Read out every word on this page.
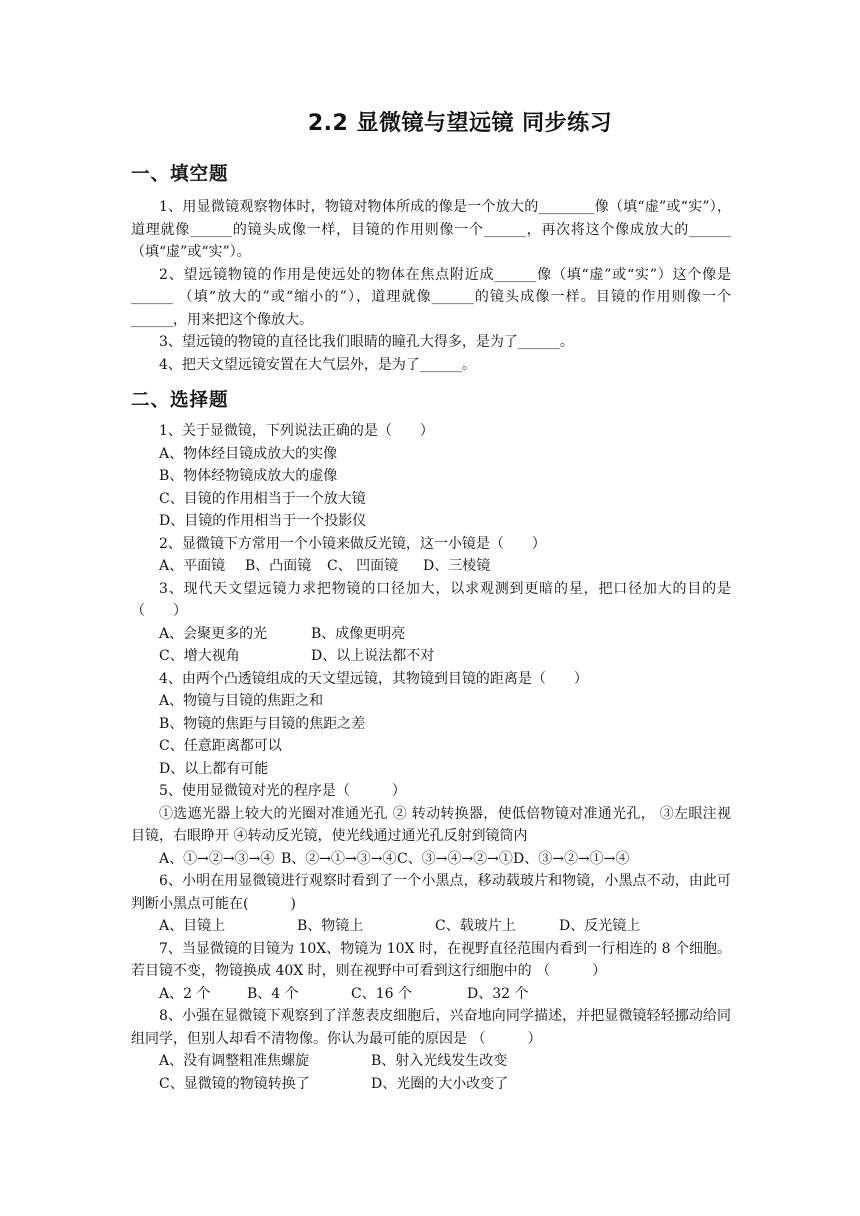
2.2 显微镜与望远镜 同步练习
一、填空题

1、用显微镜观察物体时，物镜对物体所成的像是一个放大的________像（填“虚”或“实”），道理就像______的镜头成像一样，目镜的作用则像一个______，再次将这个像成放大的______（填“虚”或“实”）。

2、望远镜物镜的作用是使远处的物体在焦点附近成______像（填“虚”或“实”）这个像是______ （填“放大的”或“缩小的”），道理就像______的镜头成像一样。目镜的作用则像一个______，用来把这个像放大。

3、望远镜的物镜的直径比我们眼睛的瞳孔大得多，是为了______。

4、把天文望远镜安置在大气层外，是为了______。

二、选择题

1、关于显微镜，下列说法正确的是（　　）

A、物体经目镜成放大的实像

B、物体经物镜成放大的虚像

C、目镜的作用相当于一个放大镜

D、目镜的作用相当于一个投影仪

2、显微镜下方常用一个小镜来做反光镜，这一小镜是（　　）

A、平面镜 B、凸面镜 C、 凹面镜 D、三棱镜

3、现代天文望远镜力求把物镜的口径加大，以求观测到更暗的星，把口径加大的目的是（　　）

A、会聚更多的光	B、成像更明亮

C、增大视角	D、以上说法都不对

4、由两个凸透镜组成的天文望远镜，其物镜到目镜的距离是（　　）

A、物镜与目镜的焦距之和

B、物镜的焦距与目镜的焦距之差

C、任意距离都可以

D、以上都有可能

5、使用显微镜对光的程序是（　　　）

①选遮光器上较大的光圈对准通光孔 ② 转动转换器，使低倍物镜对准通光孔， ③左眼注视目镜，右眼睁开 ④转动反光镜，使光线通过通光孔反射到镜筒内

A、①→②→③→④ B、②→①→③→④C、③→④→②→①D、③→②→①→④

6、小明在用显微镜进行观察时看到了一个小黑点，移动载玻片和物镜，小黑点不动，由此可判断小黑点可能在(　　　)

A、目镜上	B、物镜上	C、载玻片上	D、反光镜上

7、当显微镜的目镜为 10X、物镜为 10X 时，在视野直径范围内看到一行相连的 8 个细胞。若目镜不变，物镜换成 40X 时，则在视野中可看到这行细胞中的 （　　　）

A、2 个	B、4 个	C、16 个	D、32 个

8、小强在显微镜下观察到了洋葱表皮细胞后，兴奋地向同学描述，并把显微镜轻轻挪动给同组同学，但别人却看不清物像。你认为最可能的原因是 （　　　）

A、没有调整粗准焦螺旋	B、射入光线发生改变

C、显微镜的物镜转换了	D、光圈的大小改变了
